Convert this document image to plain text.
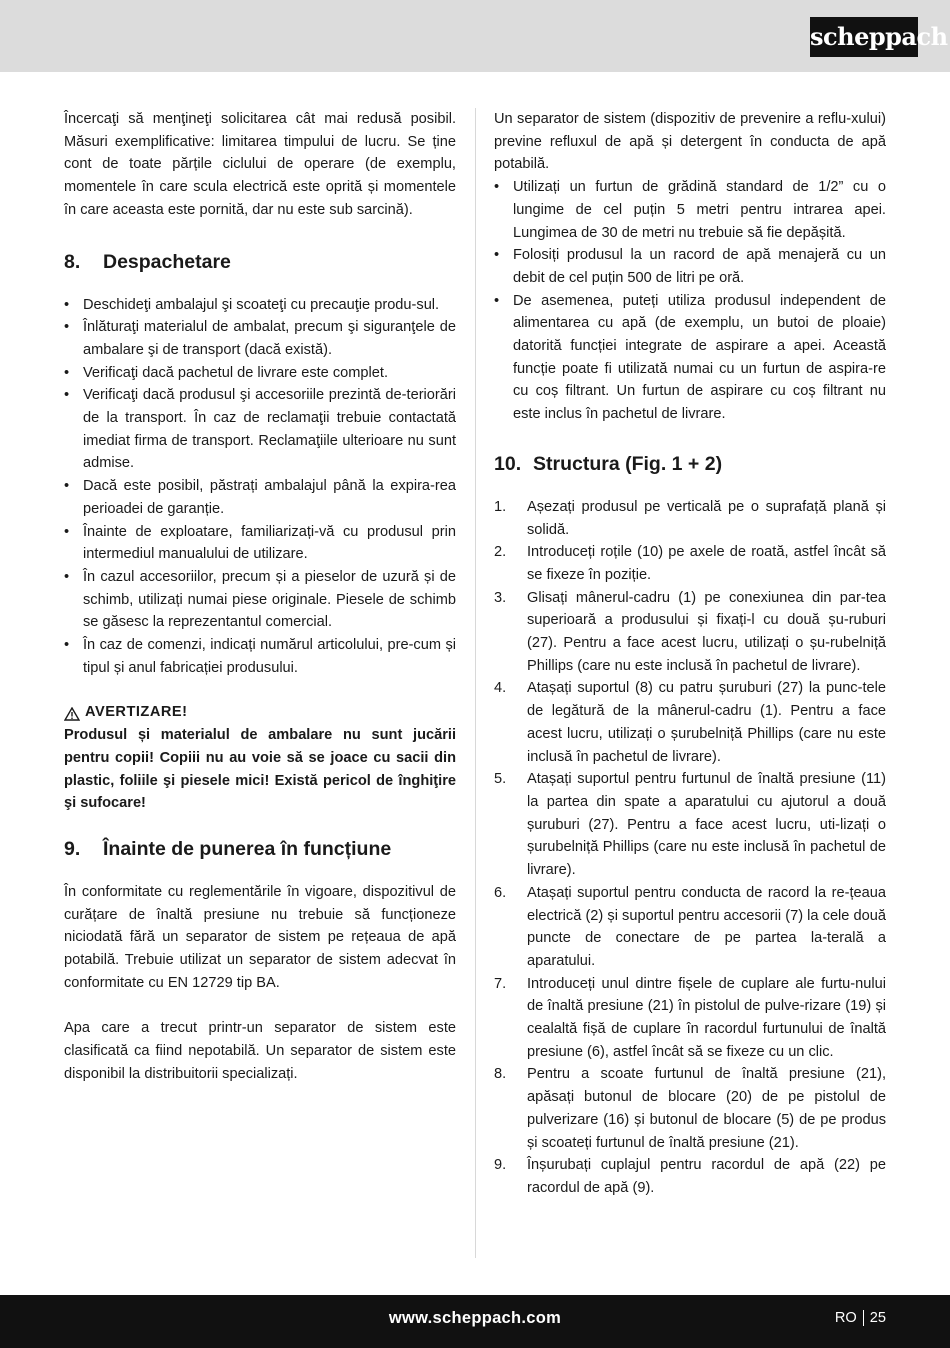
scheppach

Încercaţi să menţineţi solicitarea cât mai redusă posibil. Măsuri exemplificative: limitarea timpului de lucru. Se ține cont de toate părțile ciclului de operare (de exemplu, momentele în care scula electrică este oprită și momentele în care aceasta este pornită, dar nu este sub sarcină).

8.	Despachetare
• Deschideţi ambalajul şi scoateţi cu precauţie produ-sul.
• Înlăturaţi materialul de ambalat, precum şi siguranţele de ambalare şi de transport (dacă există).
• Verificaţi dacă pachetul de livrare este complet.
• Verificaţi dacă produsul şi accesoriile prezintă de-teriorări de la transport. În caz de reclamaţii trebuie contactată imediat firma de transport. Reclamaţiile ulterioare nu sunt admise.
• Dacă este posibil, păstrați ambalajul până la expira-rea perioadei de garanție.
• Înainte de exploatare, familiarizați-vă cu produsul prin intermediul manualului de utilizare.
• În cazul accesoriilor, precum și a pieselor de uzură și de schimb, utilizați numai piese originale. Piesele de schimb se găsesc la reprezentantul comercial.
• În caz de comenzi, indicați numărul articolului, pre-cum și tipul și anul fabricației produsului.
AVERTIZARE!

Produsul și materialul de ambalare nu sunt jucării pentru copii! Copiii nu au voie să se joace cu sacii din plastic, foliile şi piesele mici! Există pericol de înghiţire şi sufocare!

9.	Înainte de punerea în funcțiune

În conformitate cu reglementările în vigoare, dispozitivul de curățare de înaltă presiune nu trebuie să funcționeze niciodată fără un separator de sistem pe rețeaua de apă potabilă. Trebuie utilizat un separator de sistem adecvat în conformitate cu EN 12729 tip BA.

Apa care a trecut printr-un separator de sistem este clasificată ca fiind nepotabilă. Un separator de sistem este disponibil la distribuitorii specializați.

Un separator de sistem (dispozitiv de prevenire a reflu-xului) previne refluxul de apă și detergent în conducta de apă potabilă.

• Utilizați un furtun de grădină standard de 1/2” cu o lungime de cel puțin 5 metri pentru intrarea apei. Lungimea de 30 de metri nu trebuie să fie depășită.
• Folosiți produsul la un racord de apă menajeră cu un debit de cel puțin 500 de litri pe oră.
• De asemenea, puteți utiliza produsul independent de alimentarea cu apă (de exemplu, un butoi de ploaie) datorită funcției integrate de aspirare a apei. Această funcție poate fi utilizată numai cu un furtun de aspira-re cu coș filtrant. Un furtun de aspirare cu coș filtrant nu este inclus în pachetul de livrare.
10. Structura (Fig. 1 + 2)
1. Așezați produsul pe verticală pe o suprafață plană și solidă.
2. Introduceți roțile (10) pe axele de roată, astfel încât să se fixeze în poziție.
3. Glisați mânerul-cadru (1) pe conexiunea din par-tea superioară a produsului și fixați-l cu două șu-ruburi (27). Pentru a face acest lucru, utilizați o șu-rubelniță Phillips (care nu este inclusă în pachetul de livrare).
4. Atașați suportul (8) cu patru șuruburi (27) la punc-tele de legătură de la mânerul-cadru (1). Pentru a face acest lucru, utilizați o șurubelniță Phillips (care nu este inclusă în pachetul de livrare).
5. Atașați suportul pentru furtunul de înaltă presiune (11) la partea din spate a aparatului cu ajutorul a două șuruburi (27). Pentru a face acest lucru, uti-lizați o șurubelniță Phillips (care nu este inclusă în pachetul de livrare).
6. Atașați suportul pentru conducta de racord la re-țeaua electrică (2) și suportul pentru accesorii (7) la cele două puncte de conectare de pe partea la-terală a aparatului.
7. Introduceți unul dintre fișele de cuplare ale furtu-nului de înaltă presiune (21) în pistolul de pulve-rizare (19) și cealaltă fișă de cuplare în racordul furtunului de înaltă presiune (6), astfel încât să se fixeze cu un clic.
8. Pentru a scoate furtunul de înaltă presiune (21), apăsați butonul de blocare (20) de pe pistolul de pulverizare (16) și butonul de blocare (5) de pe produs și scoateți furtunul de înaltă presiune (21).
9. Înșurubați cuplajul pentru racordul de apă (22) pe racordul de apă (9).
www.scheppach.com	RO 25
